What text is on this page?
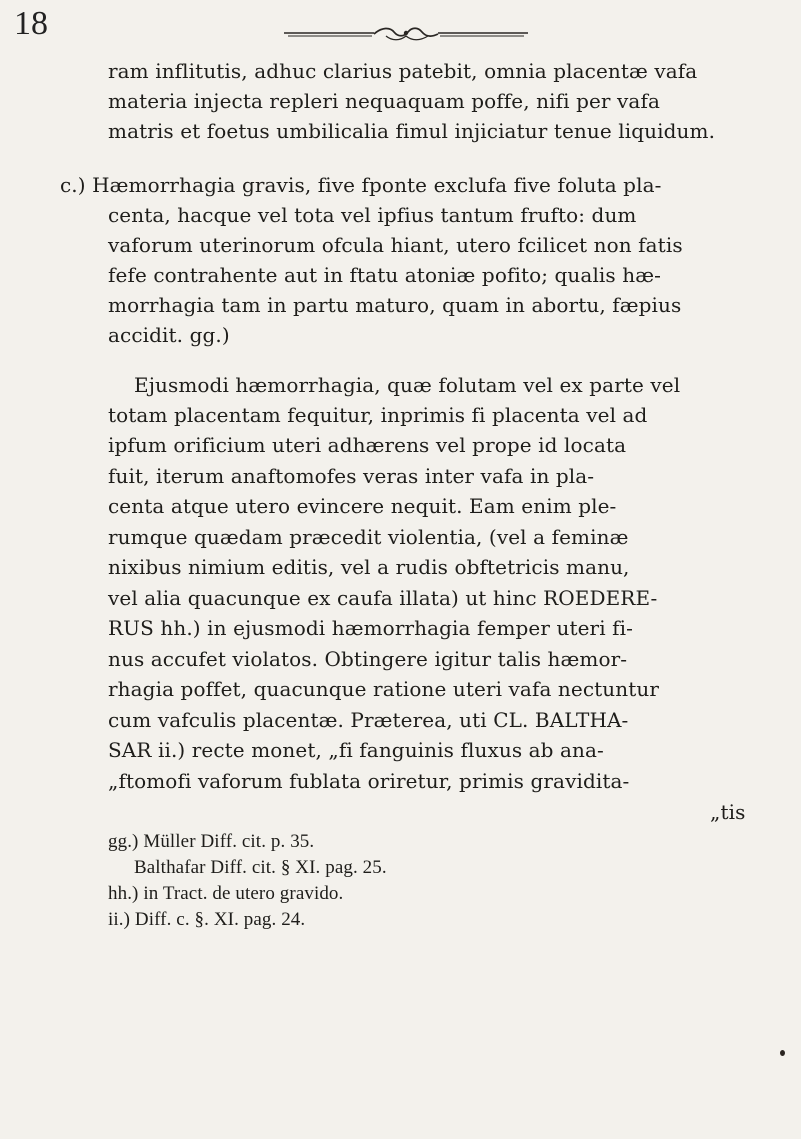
18
ram inflitutis, adhuc clarius patebit, omnia placentæ vafa
materia injecta repleri nequaquam poffe, nifi per vafa
matris et foetus umbilicalia fimul injiciatur tenue liquidum.
c.) Hæmorrhagia gravis, five fponte exclufa five foluta pla-
centa, hacque vel tota vel ipfius tantum frufto: dum
vaforum uterinorum ofcula hiant, utero fcilicet non fatis
fefe contrahente aut in ftatu atoniæ pofito; qualis hæ-
morrhagia tam in partu maturo, quam in abortu, fæpius
accidit. gg.)
Ejusmodi hæmorrhagia, quæ folutam vel ex parte vel
totam placentam fequitur, inprimis fi placenta vel ad
ipfum orificium uteri adhærens vel prope id locata
fuit, iterum anaftomofes veras inter vafa in pla-
centa atque utero evincere nequit. Eam enim ple-
rumque quædam præcedit violentia, (vel a feminæ
nixibus nimium editis, vel a rudis obftetricis manu,
vel alia quacunque ex caufa illata) ut hinc ROEDERE-
RUS hh.) in ejusmodi hæmorrhagia femper uteri fi-
nus accufet violatos. Obtingere igitur talis hæmor-
rhagia poffet, quacunque ratione uteri vafa nectuntur
cum vafculis placentæ. Præterea, uti CL. BALTHA-
SAR ii.) recte monet, „fi fanguinis fluxus ab ana-
„ftomofi vaforum fublata oriretur, primis gravidita-
„tis
gg.) Müller Diff. cit. p. 35.
Balthafar Diff. cit. § XI. pag. 25.
hh.) in Tract. de utero gravido.
ii.) Diff. c. §. XI. pag. 24.
